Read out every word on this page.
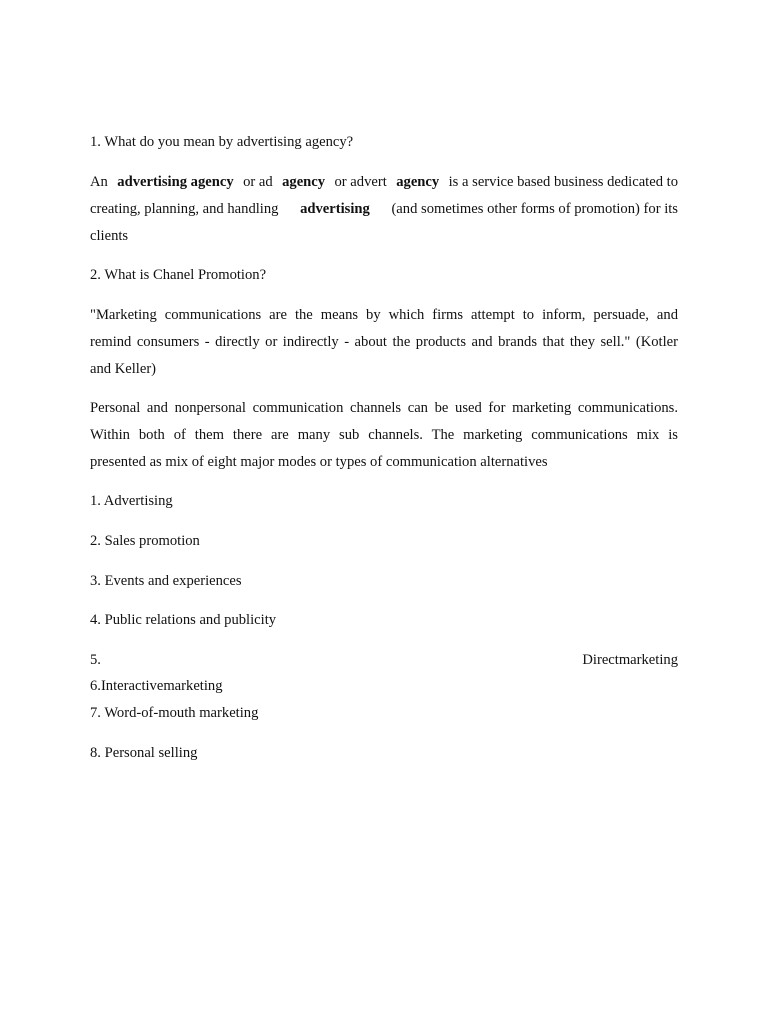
1. What do you mean by advertising agency?
An advertising agency or ad agency or advert agency is a service based business dedicated to
creating, planning, and handling advertising (and sometimes other forms of promotion) for its
clients
2. What is Chanel Promotion?
"Marketing communications are the means by which firms attempt to inform, persuade, and
remind consumers - directly or indirectly - about the products and brands that they sell." (Kotler
and Keller)
Personal and nonpersonal communication channels can be used for marketing communications.
Within both of them there are many sub channels. The marketing communications mix is
presented as mix of eight major modes or types of communication alternatives
1. Advertising
2. Sales promotion
3. Events and experiences
4. Public relations and publicity
5.	Directmarketing
6.Interactivemarketing
7. Word-of-mouth marketing
8. Personal selling
